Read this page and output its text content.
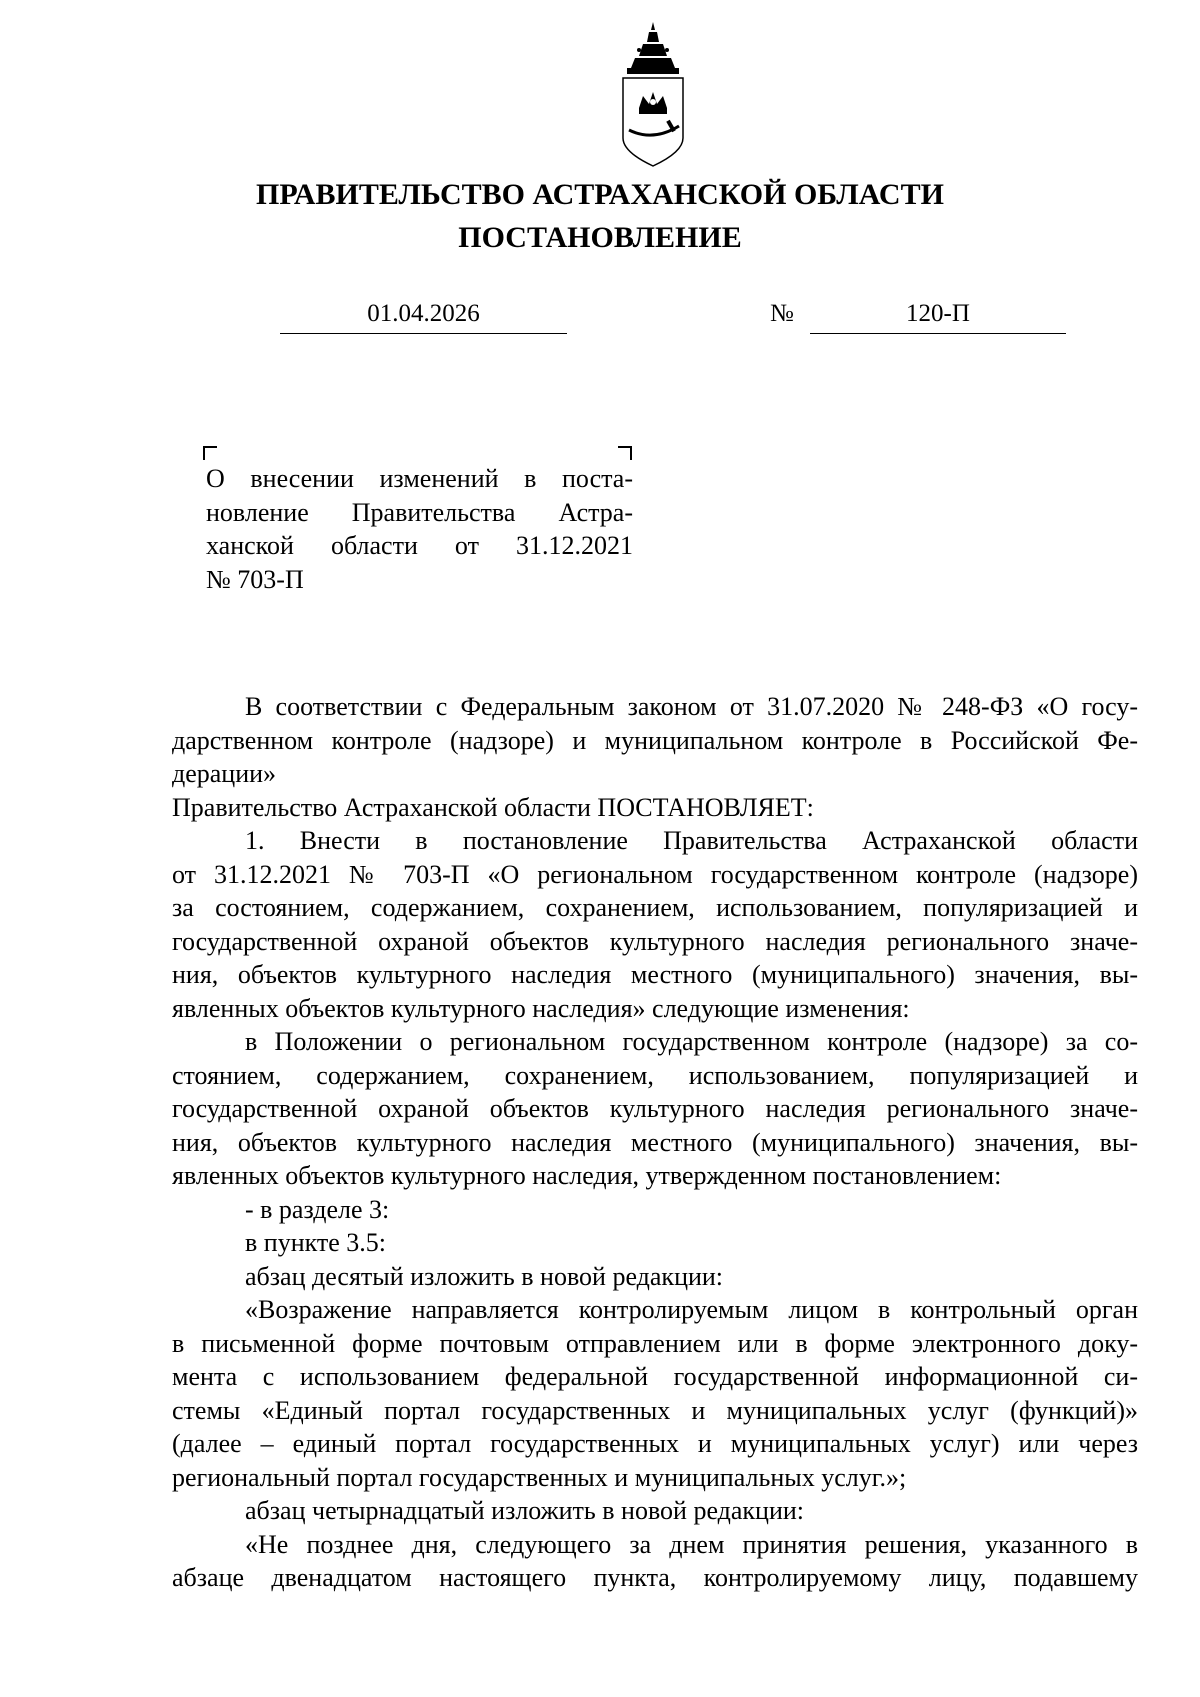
ПРАВИТЕЛЬСТВО АСТРАХАНСКОЙ ОБЛАСТИ
ПОСТАНОВЛЕНИЕ
01.04.2026	№	120-П
О внесении изменений в поста-
новление Правительства Астра-
ханской области от 31.12.2021
№ 703-П
В соответствии с Федеральным законом от 31.07.2020 № 248-ФЗ «О госу-
дарственном контроле (надзоре) и муниципальном контроле в Российской Фе-
дерации»
Правительство Астраханской области ПОСТАНОВЛЯЕТ:
1. Внести в постановление Правительства Астраханской области
от 31.12.2021 № 703-П «О региональном государственном контроле (надзоре)
за состоянием, содержанием, сохранением, использованием, популяризацией и
государственной охраной объектов культурного наследия регионального значе-
ния, объектов культурного наследия местного (муниципального) значения, вы-
явленных объектов культурного наследия» следующие изменения:
в Положении о региональном государственном контроле (надзоре) за со-
стоянием, содержанием, сохранением, использованием, популяризацией и
государственной охраной объектов культурного наследия регионального значе-
ния, объектов культурного наследия местного (муниципального) значения, вы-
явленных объектов культурного наследия, утвержденном постановлением:
- в разделе 3:
в пункте 3.5:
абзац десятый изложить в новой редакции:
«Возражение направляется контролируемым лицом в контрольный орган
в письменной форме почтовым отправлением или в форме электронного доку-
мента с использованием федеральной государственной информационной си-
стемы «Единый портал государственных и муниципальных услуг (функций)»
(далее – единый портал государственных и муниципальных услуг) или через
региональный портал государственных и муниципальных услуг.»;
абзац четырнадцатый изложить в новой редакции:
«Не позднее дня, следующего за днем принятия решения, указанного в
абзаце двенадцатом настоящего пункта, контролируемому лицу, подавшему
